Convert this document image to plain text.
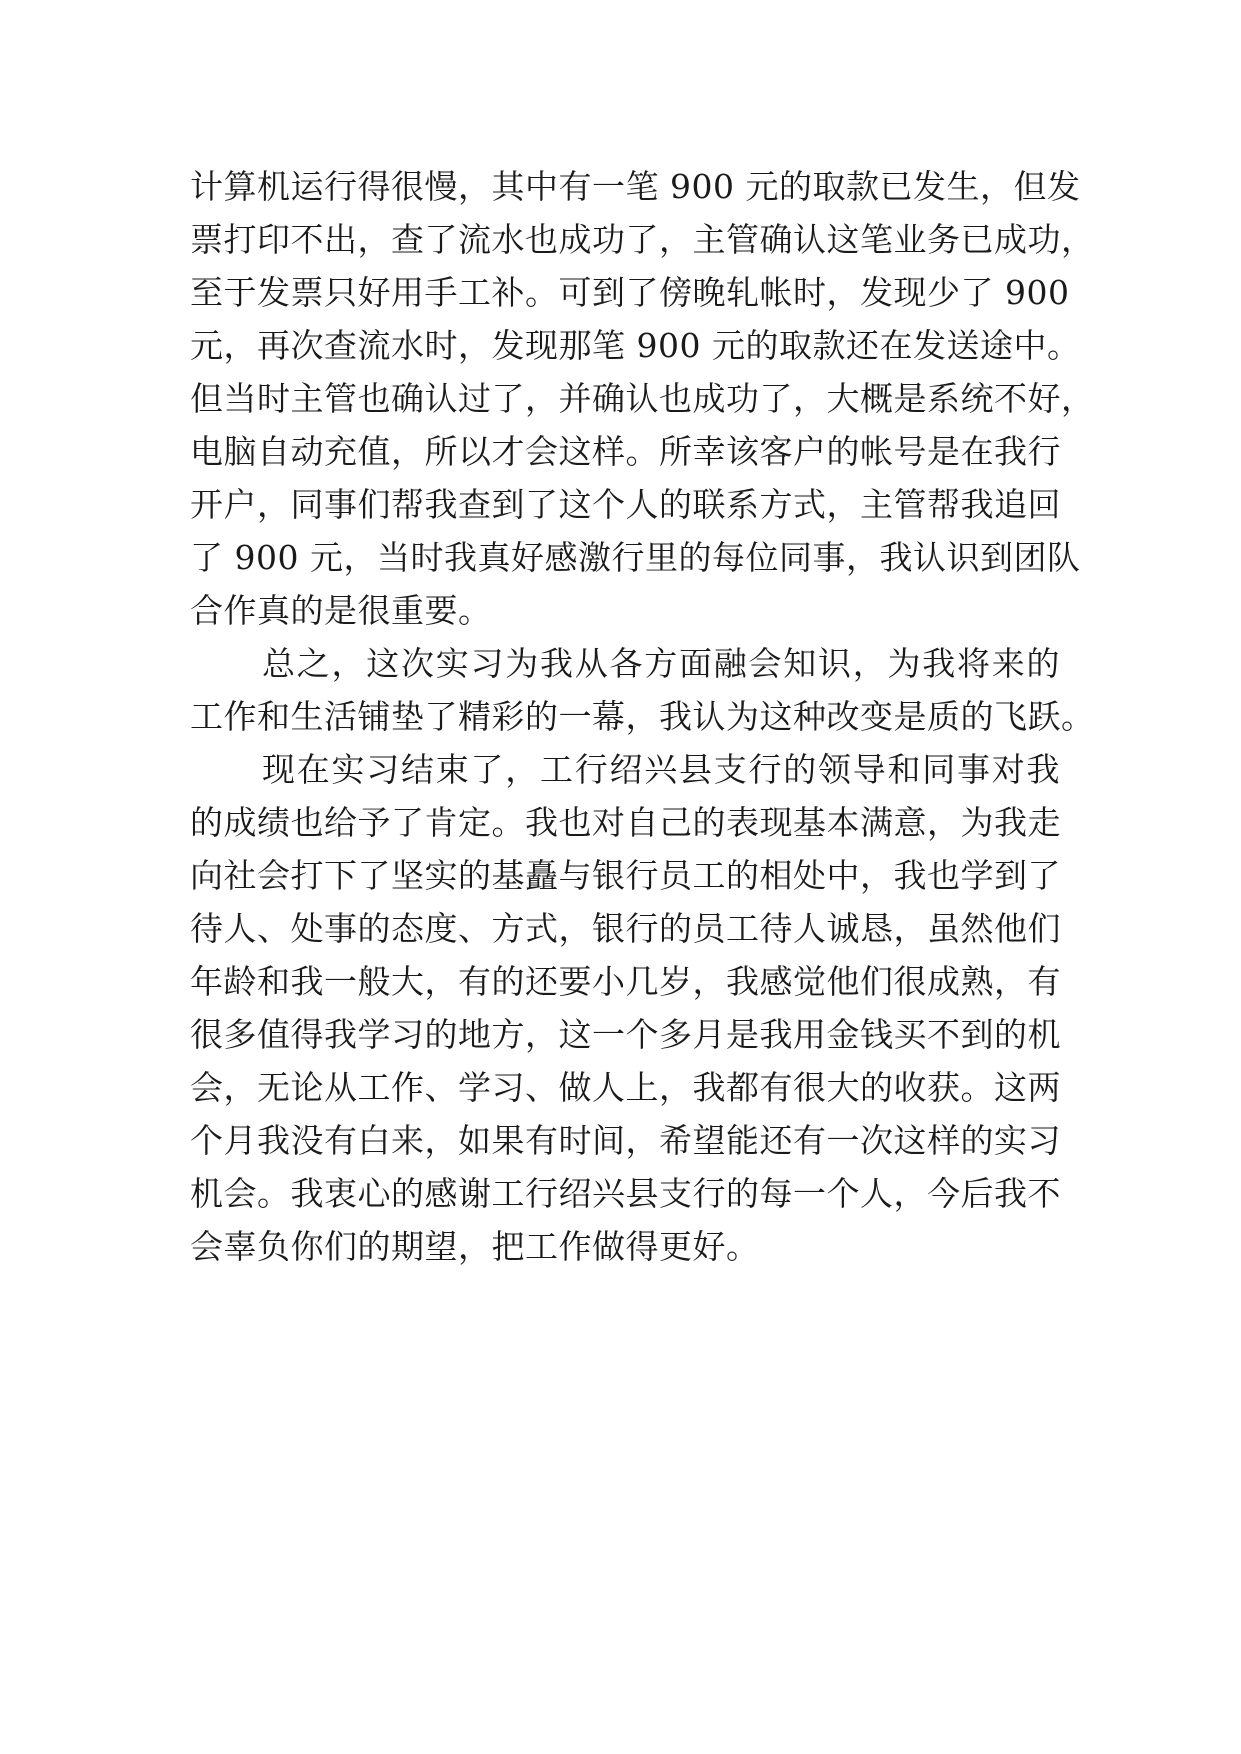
计算机运行得很慢，其中有一笔 900 元的取款已发生，但发
票打印不出，查了流水也成功了，主管确认这笔业务已成功，
至于发票只好用手工补。可到了傍晚轧帐时，发现少了 900
元，再次查流水时，发现那笔 900 元的取款还在发送途中。
但当时主管也确认过了，并确认也成功了，大概是系统不好，
电脑自动充值，所以才会这样。所幸该客户的帐号是在我行
开户，同事们帮我查到了这个人的联系方式，主管帮我追回
了 900 元，当时我真好感激行里的每位同事，我认识到团队
合作真的是很重要。
总之，这次实习为我从各方面融会知识，为我将来的
工作和生活铺垫了精彩的一幕，我认为这种改变是质的飞跃。
现在实习结束了，工行绍兴县支行的领导和同事对我
的成绩也给予了肯定。我也对自己的表现基本满意，为我走
向社会打下了坚实的基矗与银行员工的相处中，我也学到了
待人、处事的态度、方式，银行的员工待人诚恳，虽然他们
年龄和我一般大，有的还要小几岁，我感觉他们很成熟，有
很多值得我学习的地方，这一个多月是我用金钱买不到的机
会，无论从工作、学习、做人上，我都有很大的收获。这两
个月我没有白来，如果有时间，希望能还有一次这样的实习
机会。我衷心的感谢工行绍兴县支行的每一个人，今后我不
会辜负你们的期望，把工作做得更好。
